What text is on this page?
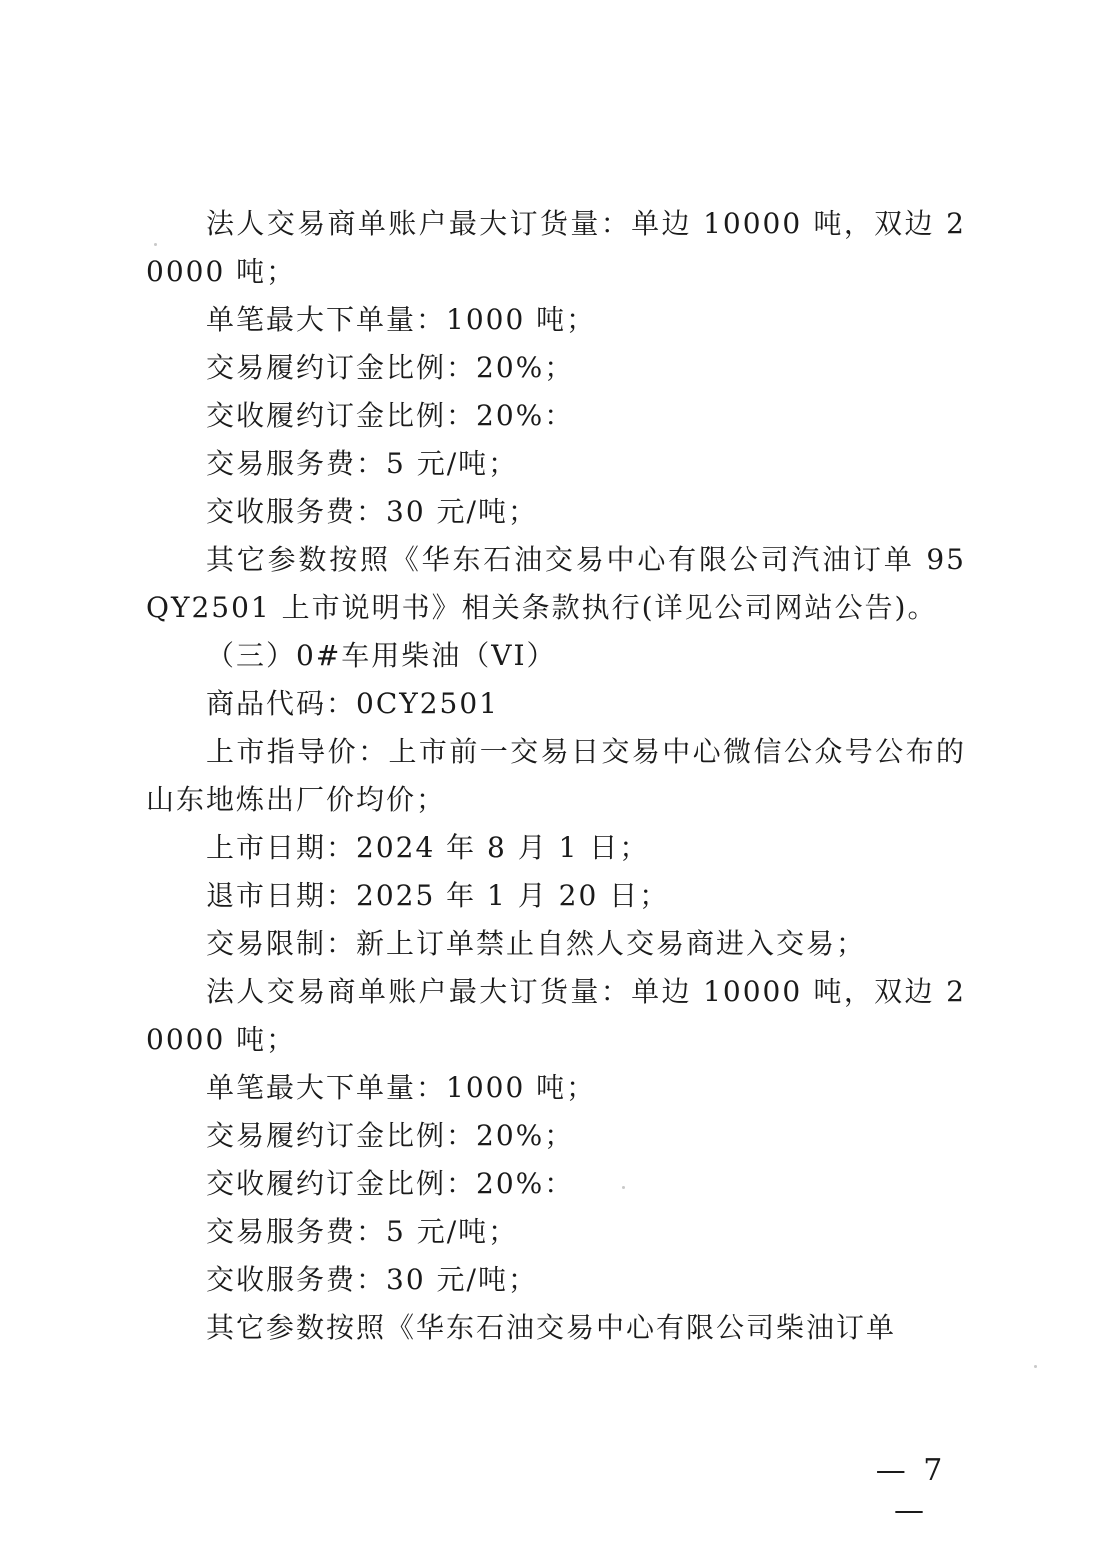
法人交易商单账户最大订货量：单边 10000 吨，双边 20000 吨；

单笔最大下单量：1000 吨；

交易履约订金比例：20%；

交收履约订金比例：20%：

交易服务费：5 元/吨；

交收服务费：30 元/吨；

其它参数按照《华东石油交易中心有限公司汽油订单 95QY2501 上市说明书》相关条款执行(详见公司网站公告)。

（三）0#车用柴油（VI）

商品代码：0CY2501

上市指导价：上市前一交易日交易中心微信公众号公布的山东地炼出厂价均价；

上市日期：2024 年 8 月 1 日；

退市日期：2025 年 1 月 20 日；

交易限制：新上订单禁止自然人交易商进入交易；

法人交易商单账户最大订货量：单边 10000 吨，双边 20000 吨；

单笔最大下单量：1000 吨；

交易履约订金比例：20%；

交收履约订金比例：20%：

交易服务费：5 元/吨；

交收服务费：30 元/吨；

其它参数按照《华东石油交易中心有限公司柴油订单

— 7 —
